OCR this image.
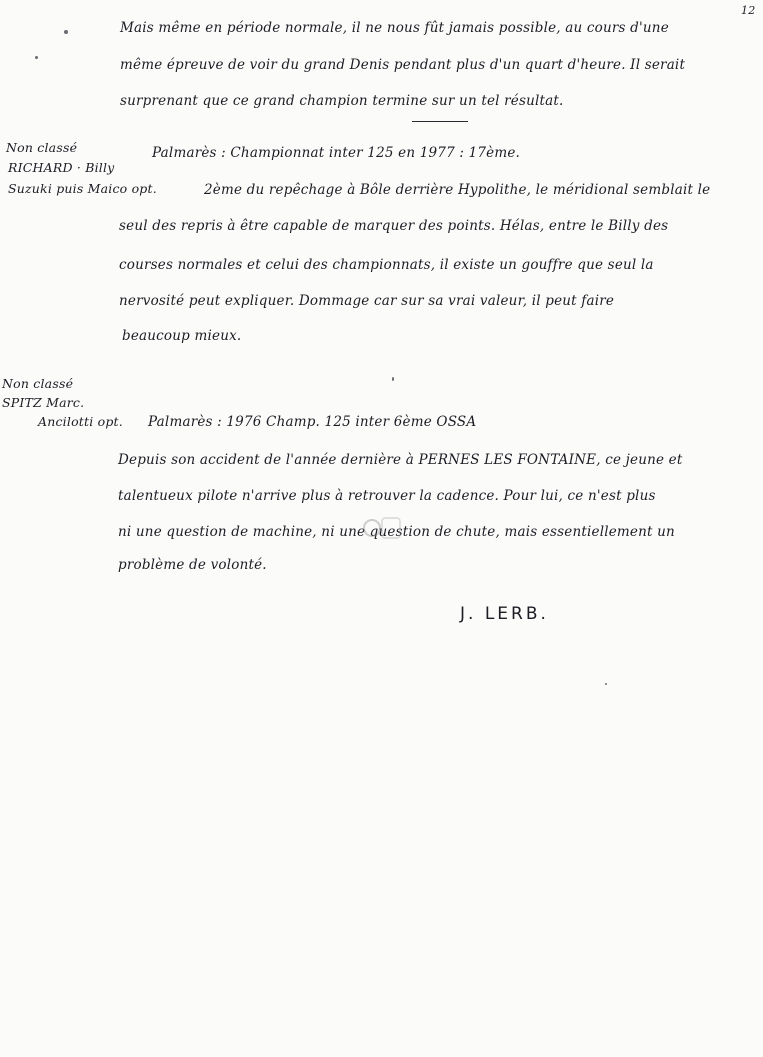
12
Mais même en période normale, il ne nous fût jamais possible, au cours d'une
même épreuve de voir du grand Denis pendant plus d'un quart d'heure. Il serait
surprenant que ce grand champion termine sur un tel résultat.
Non classé
RICHARD · Billy
Suzuki puis Maico opt.
Palmarès : Championnat inter 125 en 1977 : 17ème.
2ème du repêchage à Bôle derrière Hypolithe, le méridional semblait le
seul des repris à être capable de marquer des points. Hélas, entre le Billy des
courses normales et celui des championnats, il existe un gouffre que seul la
nervosité peut expliquer. Dommage car sur sa vrai valeur, il peut faire
beaucoup mieux.
Non classé
SPITZ Marc.
Ancilotti opt. Palmarès : 1976 Champ. 125 inter 6ème OSSA
Depuis son accident de l'année dernière à PERNES LES FONTAINE, ce jeune et
talentueux pilote n'arrive plus à retrouver la cadence. Pour lui, ce n'est plus
ni une question de machine, ni une question de chute, mais essentiellement un
problème de volonté.
J. LERB.
